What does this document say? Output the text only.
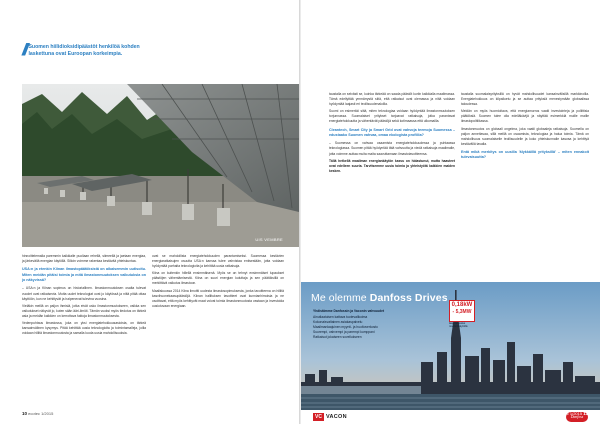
// Suomen hiilidioksidipäästöt henkilöä kohden laskettuna ovat Euroopan korkeimpia.
UIS VEMBRE

hinnoittelemalla paremmin kaikkialle puoliaan rehellä, siimeellä ja jaetaan energiaa, ja järkevällä energian käytöllä. Silloin voimme rakentaa kestävää yhteiskuntaa.

USA:n ja etenkin Kiinan ilmastopäätöksistä on aikaisemmin uutisoitu. Miten meidän pitäisi toimia ja mitä ilmastonmuutoksen vaikutuksia on jo näkyvissä?

– USA:n ja Kiinan sopimus on historiallinen. Ilmastonmuutoksen osalta tulevat vuodet ovat ratkaisevia. Mutta uudet teknologiat ovat jo käytössä ja niitä pitää ottaa käyttöön, kun ne kehittyvät ja halpenevat tulevina vuosina.

Vieläkin meillä on paljon ihmisiä, jotka eivät usko ilmastonmuutokseen, vaikka sen vaikutukset näkyvät jo, kuten sään ääri-ilmiöt. Tämän vuoksi myös tiedotus on tärkeä asia ja meidän kaikkien on kerrottava faktoja ilmastonmuutoksesta.

Vedenpuhtaus ilmastossa, joka on yksi energiatehokkuusasioista, on tärkeä kansainvälinen kysymys. Pitää kehittää uusia teknologioita ja toimintamalleja, joilla voidaan hillitä ilmastonmuutosta ja samalla luoda uusia mahdollisuuksia.

ovat se mahdollista energiatehokkuuden parantamiseksi. Suomessa kestävien energiaratkaisujen osuutta USA:n kanssa tulee vahvistaa entisestään, jotta voidaan hyödyntää parhaita teknologioita ja kehittää uusia ratkaisuja.

Kiina on kuitenkin hiilellä ensimmäisenä. Myös se on tehnyt ensimmäiset lupaukset päästöjen vähentämisestä. Kiina on suuri energian kuluttaja ja sen päätöksillä on merkittävä vaikutus ilmastoon.

Maaliskuussa 2014 Kiina ilmoitti uudesta ilmastosopimuksesta, jonka tavoitteena on hillitä kasvihuonekaasupäästöjä. Kiinan hallituksen tavoitteet ovat kunnianhimoisia ja ne osoittavat, että myös kehittyvät maat voivat toimia ilmastonmuutosta vastaan ja investoida uusiutuvaan energiaan.

10 ecotec 1/2015

taustalla on selvästi se, kuinka tärkeää on saada päästöt kuriin kaikkialla maailmassa. Tämä edellyttää ymmärrystä siitä, että ratkaisut ovat olemassa ja niitä voidaan hyödyntää laajasti eri teollisuudenaloilla.

Suomi on esimerkki siitä, miten teknologiaa voidaan hyödyntää ilmastonmuutoksen torjunnassa. Suomalaiset yritykset tarjoavat ratkaisuja, jotka parantavat energiatehokkuutta ja vähentävät päästöjä sekä kotimaassa että ulkomailla.

Cleantech, Smart City ja Smart Grid ovat vahvoja teemoja Suomessa – edustaako Suomen vahvaa, omaa ekologista profiilia?

– Suomessa on vahvaa osaamista energiatehokkuudessa ja puhtaassa teknologiassa. Suomen pitää hyödyntää tätä vahvuutta ja viedä ratkaisuja maailmalle, jotta voimme auttaa muita maita saavuttamaan ilmastotavoitteensa.

Tällä hetkellä maailman energiankäytön kasvu on hidastunut, mutta haasteet ovat edelleen suuria. Tarvitsemme uusia toimia ja yhteistyötä kaikkien maiden kesken.

taustalla suomalaisyrityksillä on hyvät mahdollisuudet kansainvälisillä markkinoilla. Energiatehokkuus on kilpailuetu ja se auttaa yrityksiä menestymään globaalissa taloudessa.

Meidän on myös huomioitava, että energiamurros vaatii investointeja ja poliittisia päätöksiä. Suomen tulee olla edelläkävijä ja näyttää esimerkkiä muille maille ilmastopolitiikassa.

Ilmastonmuutos on globaali ongelma, joka vaatii globaaleja ratkaisuja. Suomella on paljon annettavaa, sillä meillä on osaamista, teknologiaa ja halua toimia. Tämä on mahdollisuus suomalaiselle teollisuudelle ja koko yhteiskunnalle kasvaa ja kehittyä kestävällä tavalla.

Entä mikä merkitys on uusilla 'älykkäillä yrityksillä' – miten ennakoit tulevaisuutta?

Me olemme Danfoss Drives
Yhdistämme Danfossin ja Vaconin vahvuudet
Ainutlaatuisen kattava tuotevalikoima
Kokonaisvaltainen asiakaspalvelu
Maailmanlaajuinen myynti- ja huoltoverkosto
Suurempi, vahvempi ja parempi kumppani
Ratkaisut jokaiseen sovellukseen
0,18kW
- 5,3MW
laaja tehoalue moottorikäytöille
VC VACON	Danfoss
ecotec 1/2015 11
